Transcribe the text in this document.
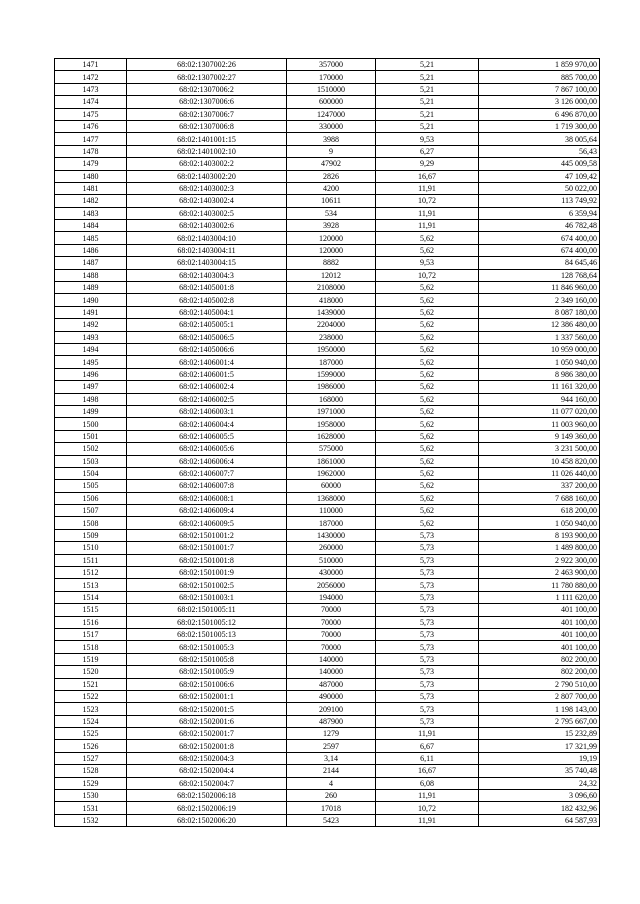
1471	68:02:1307002:26	357000	5,21	1 859 970,00
1472	68:02:1307002:27	170000	5,21	885 700,00
1473	68:02:1307006:2	1510000	5,21	7 867 100,00
1474	68:02:1307006:6	600000	5,21	3 126 000,00
1475	68:02:1307006:7	1247000	5,21	6 496 870,00
1476	68:02:1307006:8	330000	5,21	1 719 300,00
1477	68:02:1401001:15	3988	9,53	38 005,64
1478	68:02:1401002:10	9	6,27	56,43
1479	68:02:1403002:2	47902	9,29	445 009,58
1480	68:02:1403002:20	2826	16,67	47 109,42
1481	68:02:1403002:3	4200	11,91	50 022,00
1482	68:02:1403002:4	10611	10,72	113 749,92
1483	68:02:1403002:5	534	11,91	6 359,94
1484	68:02:1403002:6	3928	11,91	46 782,48
1485	68:02:1403004:10	120000	5,62	674 400,00
1486	68:02:1403004:11	120000	5,62	674 400,00
1487	68:02:1403004:15	8882	9,53	84 645,46
1488	68:02:1403004:3	12012	10,72	128 768,64
1489	68:02:1405001:8	2108000	5,62	11 846 960,00
1490	68:02:1405002:8	418000	5,62	2 349 160,00
1491	68:02:1405004:1	1439000	5,62	8 087 180,00
1492	68:02:1405005:1	2204000	5,62	12 386 480,00
1493	68:02:1405006:5	238000	5,62	1 337 560,00
1494	68:02:1405006:6	1950000	5,62	10 959 000,00
1495	68:02:1406001:4	187000	5,62	1 050 940,00
1496	68:02:1406001:5	1599000	5,62	8 986 380,00
1497	68:02:1406002:4	1986000	5,62	11 161 320,00
1498	68:02:1406002:5	168000	5,62	944 160,00
1499	68:02:1406003:1	1971000	5,62	11 077 020,00
1500	68:02:1406004:4	1958000	5,62	11 003 960,00
1501	68:02:1406005:5	1628000	5,62	9 149 360,00
1502	68:02:1406005:6	575000	5,62	3 231 500,00
1503	68:02:1406006:4	1861000	5,62	10 458 820,00
1504	68:02:1406007:7	1962000	5,62	11 026 440,00
1505	68:02:1406007:8	60000	5,62	337 200,00
1506	68:02:1406008:1	1368000	5,62	7 688 160,00
1507	68:02:1406009:4	110000	5,62	618 200,00
1508	68:02:1406009:5	187000	5,62	1 050 940,00
1509	68:02:1501001:2	1430000	5,73	8 193 900,00
1510	68:02:1501001:7	260000	5,73	1 489 800,00
1511	68:02:1501001:8	510000	5,73	2 922 300,00
1512	68:02:1501001:9	430000	5,73	2 463 900,00
1513	68:02:1501002:5	2056000	5,73	11 780 880,00
1514	68:02:1501003:1	194000	5,73	1 111 620,00
1515	68:02:1501005:11	70000	5,73	401 100,00
1516	68:02:1501005:12	70000	5,73	401 100,00
1517	68:02:1501005:13	70000	5,73	401 100,00
1518	68:02:1501005:3	70000	5,73	401 100,00
1519	68:02:1501005:8	140000	5,73	802 200,00
1520	68:02:1501005:9	140000	5,73	802 200,00
1521	68:02:1501006:6	487000	5,73	2 790 510,00
1522	68:02:1502001:1	490000	5,73	2 807 700,00
1523	68:02:1502001:5	209100	5,73	1 198 143,00
1524	68:02:1502001:6	487900	5,73	2 795 667,00
1525	68:02:1502001:7	1279	11,91	15 232,89
1526	68:02:1502001:8	2597	6,67	17 321,99
1527	68:02:1502004:3	3,14	6,11	19,19
1528	68:02:1502004:4	2144	16,67	35 740,48
1529	68:02:1502004:7	4	6,08	24,32
1530	68:02:1502006:18	260	11,91	3 096,60
1531	68:02:1502006:19	17018	10,72	182 432,96
1532	68:02:1502006:20	5423	11,91	64 587,93
